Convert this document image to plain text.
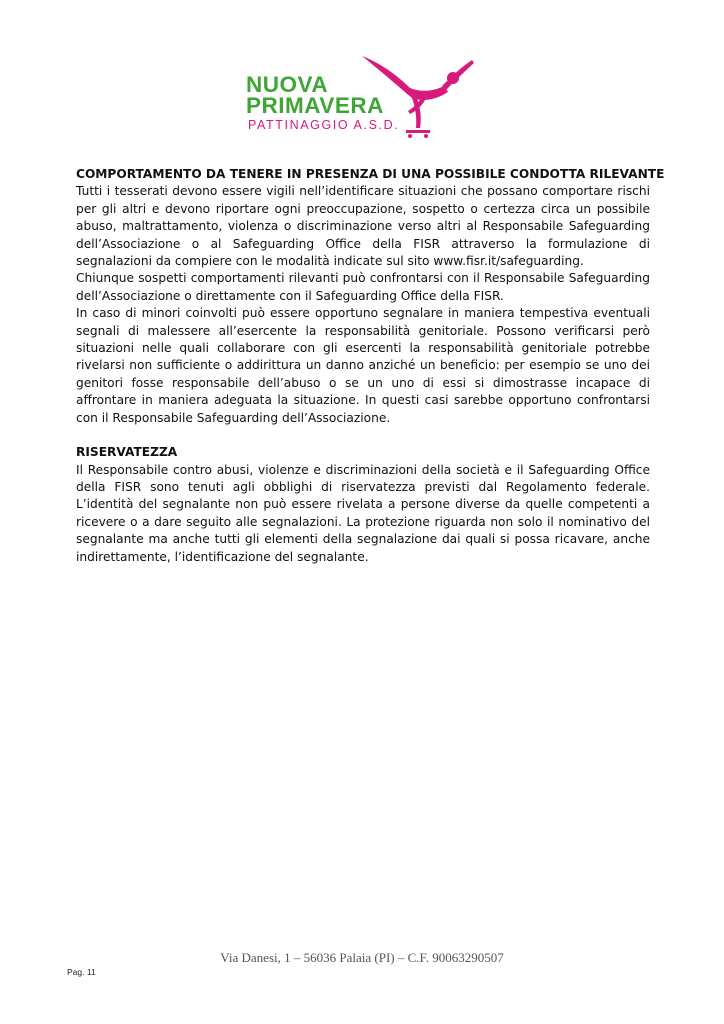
NUOVA
PRIMAVERA
PATTINAGGIO A.S.D.

COMPORTAMENTO DA TENERE IN PRESENZA DI UNA POSSIBILE CONDOTTA RILEVANTE

Tutti i tesserati devono essere vigili nell’identificare situazioni che possano comportare rischi per gli altri e devono riportare ogni preoccupazione, sospetto o certezza circa un possibile abuso, maltrattamento, violenza o discriminazione verso altri al Responsabile Safeguarding dell’Associazione o al Safeguarding Office della FISR attraverso la formulazione di segnalazioni da compiere con le modalità indicate sul sito www.fisr.it/safeguarding.

Chiunque sospetti comportamenti rilevanti può confrontarsi con il Responsabile Safeguarding dell’Associazione o direttamente con il Safeguarding Office della FISR.

In caso di minori coinvolti può essere opportuno segnalare in maniera tempestiva eventuali segnali di malessere all’esercente la responsabilità genitoriale. Possono verificarsi però situazioni nelle quali collaborare con gli esercenti la responsabilità genitoriale potrebbe rivelarsi non sufficiente o addirittura un danno anziché un beneficio: per esempio se uno dei genitori fosse responsabile dell’abuso o se un uno di essi si dimostrasse incapace di affrontare in maniera adeguata la situazione. In questi casi sarebbe opportuno confrontarsi con il Responsabile Safeguarding dell’Associazione.

RISERVATEZZA

Il Responsabile contro abusi, violenze e discriminazioni della società e il Safeguarding Office della FISR sono tenuti agli obblighi di riservatezza previsti dal Regolamento federale. L’identità del segnalante non può essere rivelata a persone diverse da quelle competenti a ricevere o a dare seguito alle segnalazioni. La protezione riguarda non solo il nominativo del segnalante ma anche tutti gli elementi della segnalazione dai quali si possa ricavare, anche indirettamente, l’identificazione del segnalante.

Via Danesi, 1 – 56036 Palaia (PI) – C.F. 90063290507
Pag. 11
